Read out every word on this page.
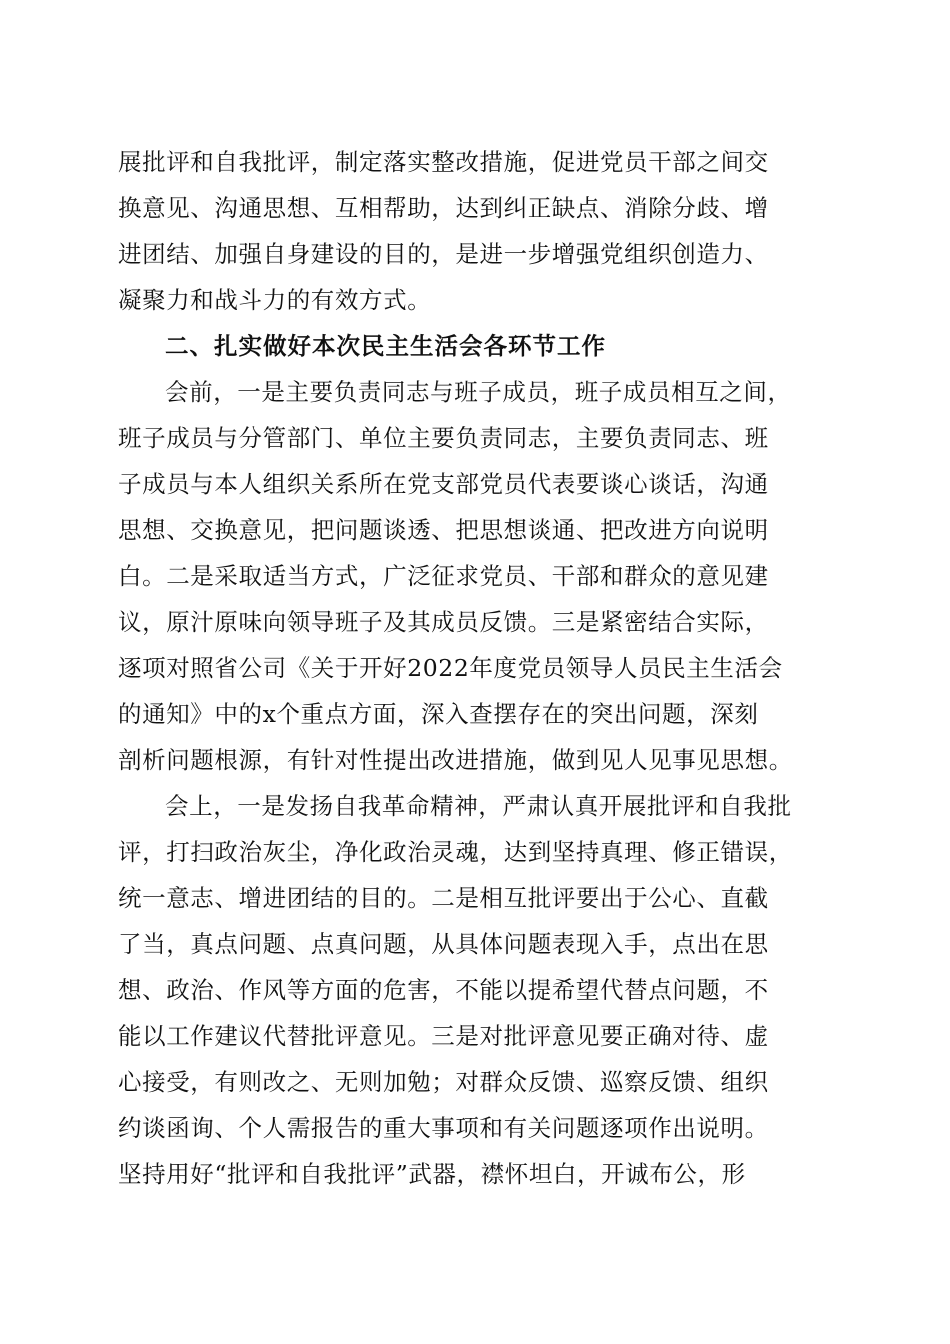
展批评和自我批评，制定落实整改措施，促进党员干部之间交
换意见、沟通思想、互相帮助，达到纠正缺点、消除分歧、增
进团结、加强自身建设的目的，是进一步增强党组织创造力、
凝聚力和战斗力的有效方式。
二、扎实做好本次民主生活会各环节工作
会前，一是主要负责同志与班子成员，班子成员相互之间，
班子成员与分管部门、单位主要负责同志，主要负责同志、班
子成员与本人组织关系所在党支部党员代表要谈心谈话，沟通
思想、交换意见，把问题谈透、把思想谈通、把改进方向说明
白。二是采取适当方式，广泛征求党员、干部和群众的意见建
议，原汁原味向领导班子及其成员反馈。三是紧密结合实际，
逐项对照省公司《关于开好2022年度党员领导人员民主生活会
的通知》中的x个重点方面，深入查摆存在的突出问题，深刻
剖析问题根源，有针对性提出改进措施，做到见人见事见思想。
会上，一是发扬自我革命精神，严肃认真开展批评和自我批
评，打扫政治灰尘，净化政治灵魂，达到坚持真理、修正错误，
统一意志、增进团结的目的。二是相互批评要出于公心、直截
了当，真点问题、点真问题，从具体问题表现入手，点出在思
想、政治、作风等方面的危害，不能以提希望代替点问题，不
能以工作建议代替批评意见。三是对批评意见要正确对待、虚
心接受，有则改之、无则加勉；对群众反馈、巡察反馈、组织
约谈函询、个人需报告的重大事项和有关问题逐项作出说明。
坚持用好“批评和自我批评”武器，襟怀坦白，开诚布公，形
